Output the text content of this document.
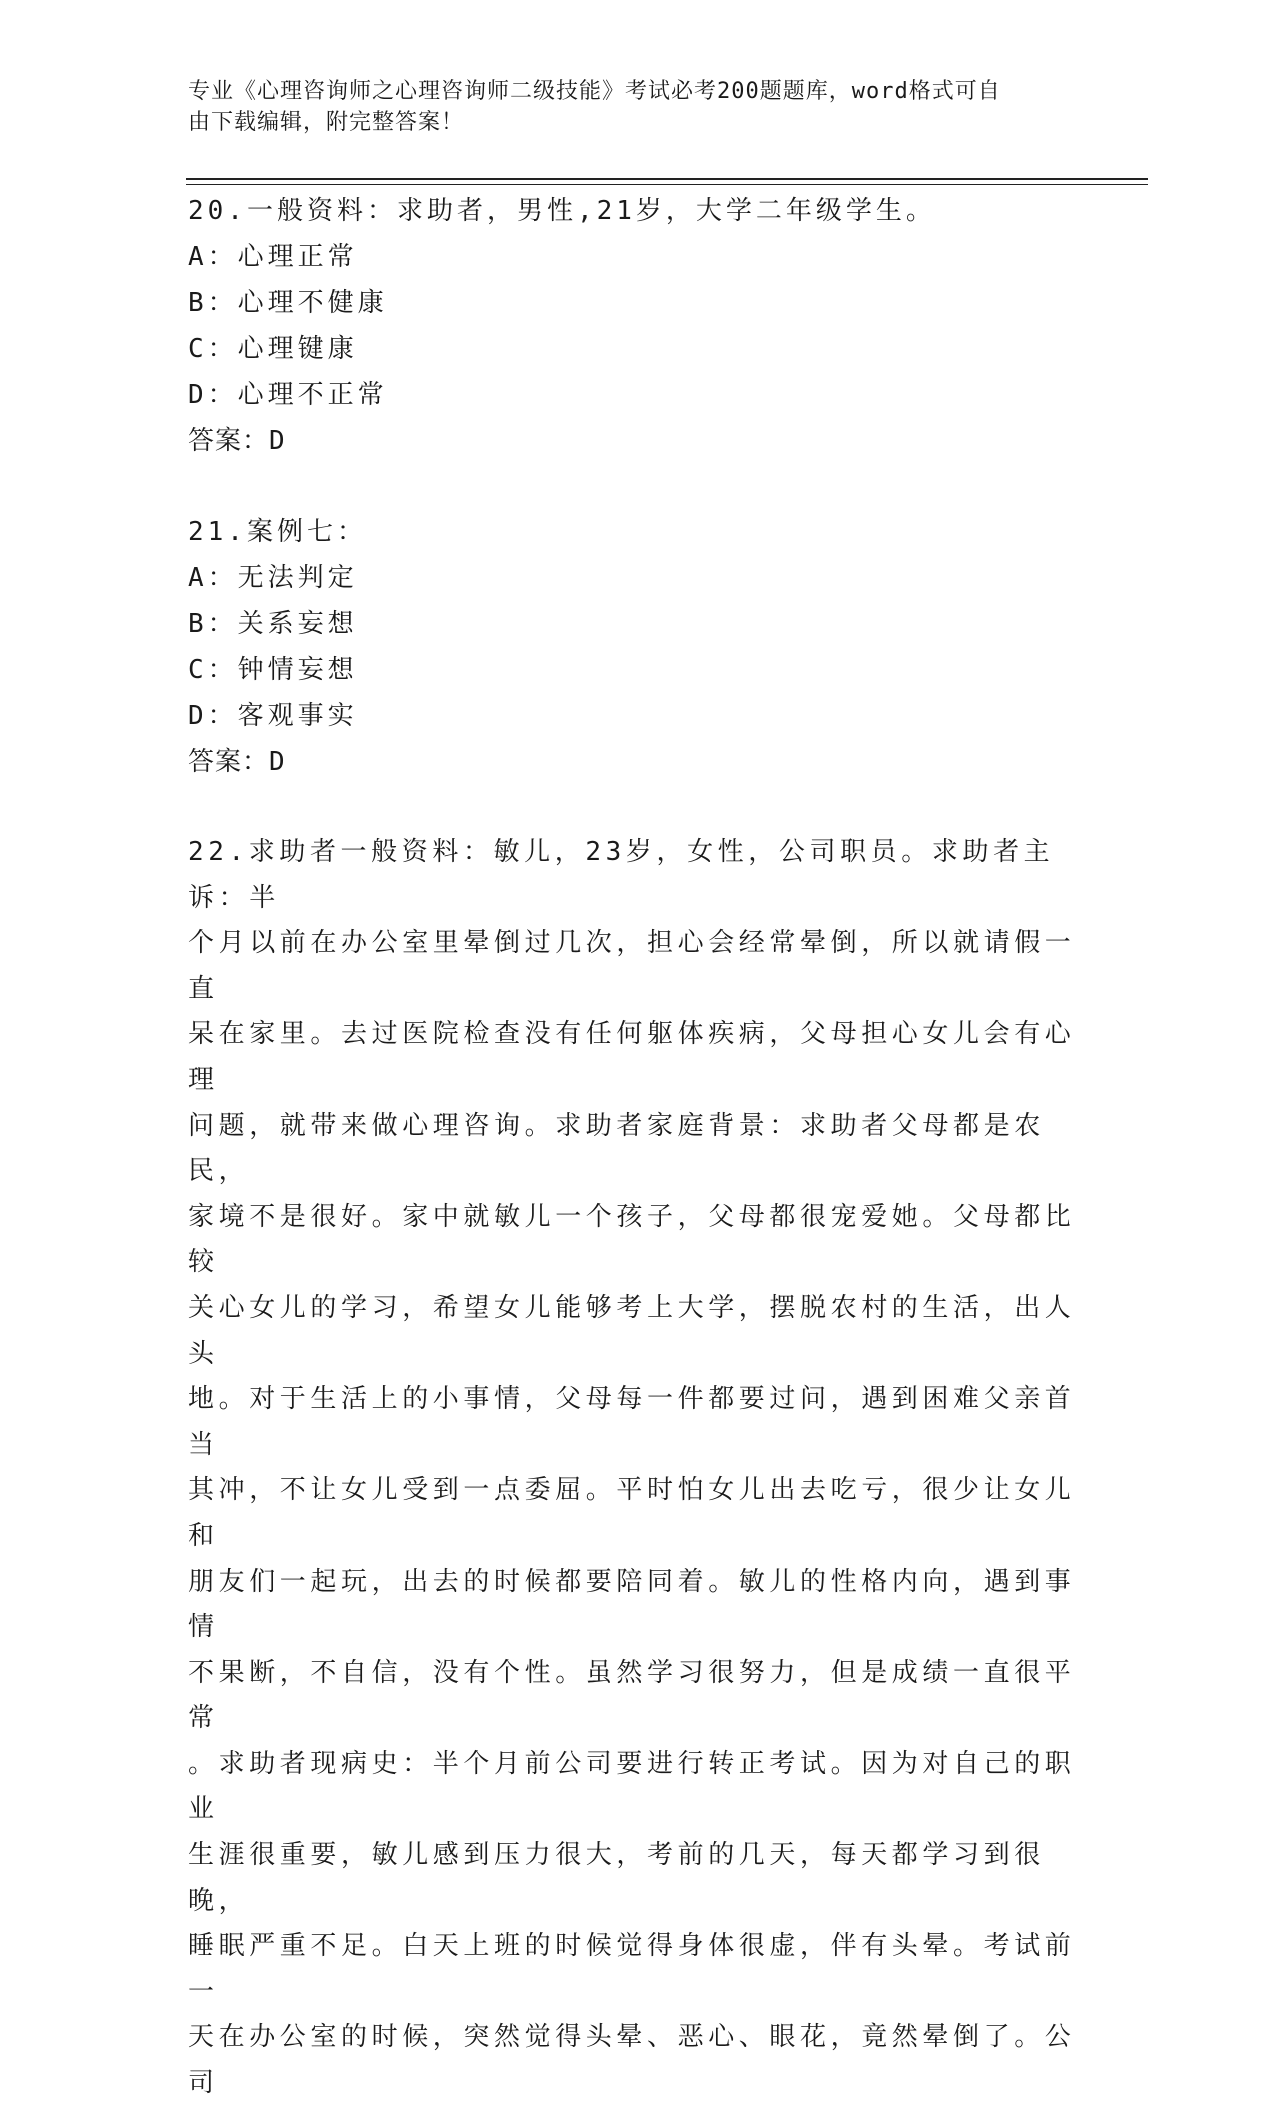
专业《心理咨询师之心理咨询师二级技能》考试必考200题题库，word格式可自
由下载编辑，附完整答案！
20.一般资料：求助者，男性,21岁，大学二年级学生。
A：心理正常
B：心理不健康
C：心理键康
D：心理不正常
答案：D
21.案例七：
A：无法判定
B：关系妄想
C：钟情妄想
D：客观事实
答案：D
22.求助者一般资料：敏儿，23岁，女性，公司职员。求助者主诉：半
个月以前在办公室里晕倒过几次，担心会经常晕倒，所以就请假一直
呆在家里。去过医院检查没有任何躯体疾病，父母担心女儿会有心理
问题，就带来做心理咨询。求助者家庭背景：求助者父母都是农民，
家境不是很好。家中就敏儿一个孩子，父母都很宠爱她。父母都比较
关心女儿的学习，希望女儿能够考上大学，摆脱农村的生活，出人头
地。对于生活上的小事情，父母每一件都要过问，遇到困难父亲首当
其冲，不让女儿受到一点委屈。平时怕女儿出去吃亏，很少让女儿和
朋友们一起玩，出去的时候都要陪同着。敏儿的性格内向，遇到事情
不果断，不自信，没有个性。虽然学习很努力，但是成绩一直很平常
。求助者现病史：半个月前公司要进行转正考试。因为对自己的职业
生涯很重要，敏儿感到压力很大，考前的几天，每天都学习到很晚，
睡眠严重不足。白天上班的时候觉得身体很虚，伴有头晕。考试前一
天在办公室的时候，突然觉得头晕、恶心、眼花，竟然晕倒了。公司
